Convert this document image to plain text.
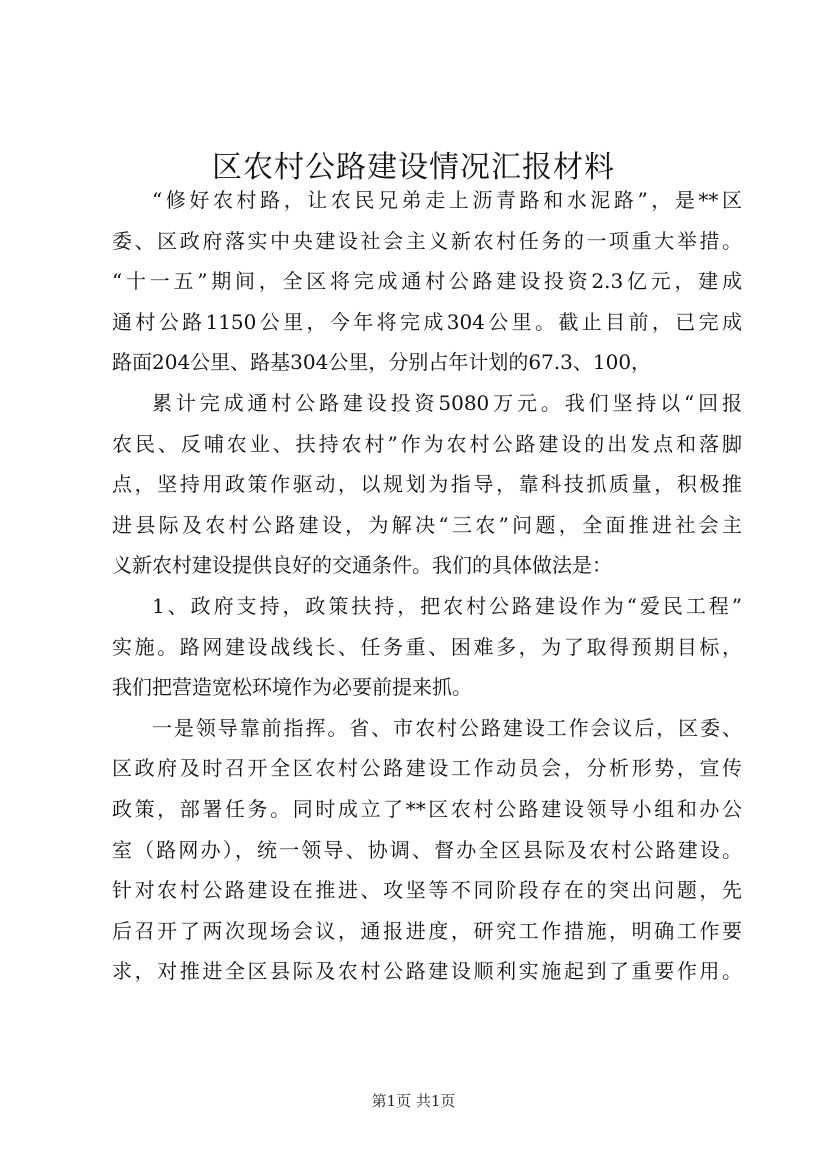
区农村公路建设情况汇报材料
“修好农村路，让农民兄弟走上沥青路和水泥路”，是**区
委、区政府落实中央建设社会主义新农村任务的一项重大举措。
“十一五”期间，全区将完成通村公路建设投资2.3亿元，建成
通村公路1150公里，今年将完成304公里。截止目前，已完成
路面204公里、路基304公里，分别占年计划的67.3、100，
累计完成通村公路建设投资5080万元。我们坚持以“回报
农民、反哺农业、扶持农村”作为农村公路建设的出发点和落脚
点，坚持用政策作驱动，以规划为指导，靠科技抓质量，积极推
进县际及农村公路建设，为解决“三农”问题，全面推进社会主
义新农村建设提供良好的交通条件。我们的具体做法是：
1、政府支持，政策扶持，把农村公路建设作为“爱民工程”
实施。路网建设战线长、任务重、困难多，为了取得预期目标，
我们把营造宽松环境作为必要前提来抓。
一是领导靠前指挥。省、市农村公路建设工作会议后，区委、
区政府及时召开全区农村公路建设工作动员会，分析形势，宣传
政策，部署任务。同时成立了**区农村公路建设领导小组和办公
室（路网办），统一领导、协调、督办全区县际及农村公路建设。
针对农村公路建设在推进、攻坚等不同阶段存在的突出问题，先
后召开了两次现场会议，通报进度，研究工作措施，明确工作要
求，对推进全区县际及农村公路建设顺利实施起到了重要作用。
第1页 共1页
